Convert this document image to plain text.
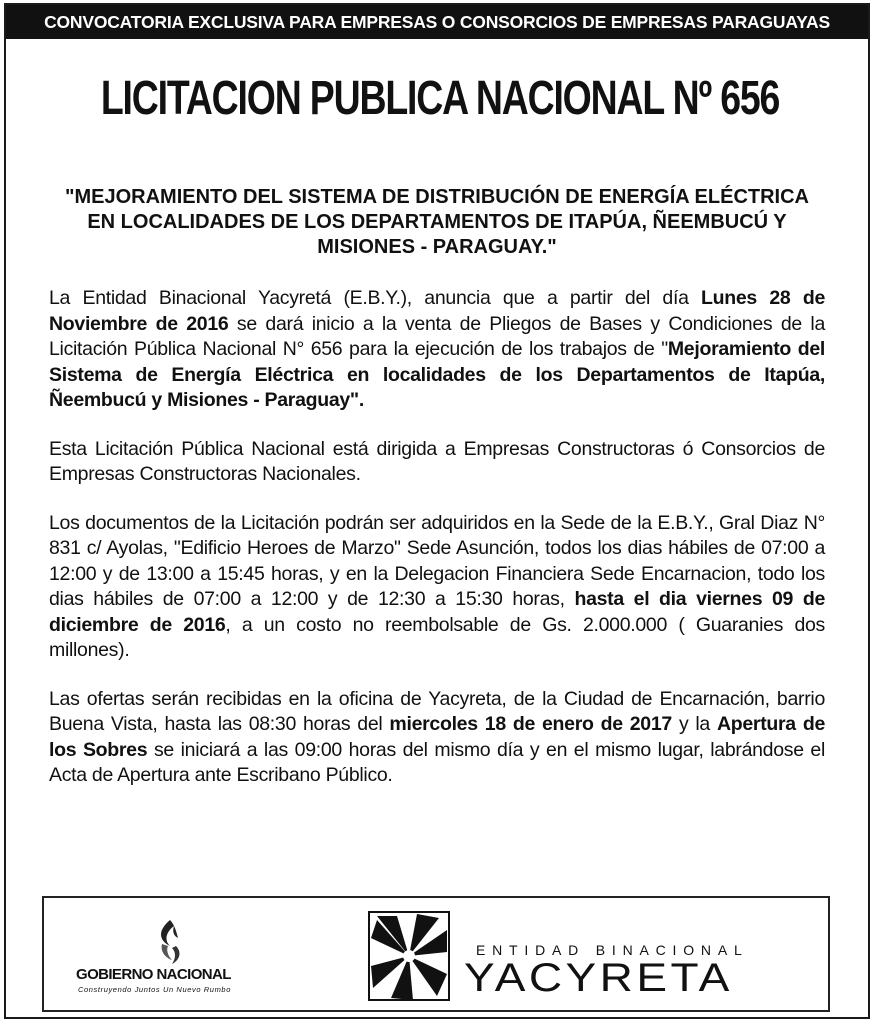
CONVOCATORIA EXCLUSIVA PARA EMPRESAS O CONSORCIOS DE EMPRESAS PARAGUAYAS
LICITACION PUBLICA NACIONAL Nº 656
"MEJORAMIENTO DEL SISTEMA DE DISTRIBUCIÓN DE ENERGÍA ELÉCTRICA EN LOCALIDADES DE LOS DEPARTAMENTOS DE ITAPÚA, ÑEEMBUCÚ Y MISIONES - PARAGUAY."

La Entidad Binacional Yacyretá (E.B.Y.), anuncia que a partir del día Lunes 28 de Noviembre de 2016 se dará inicio a la venta de Pliegos de Bases y Condiciones de la Licitación Pública Nacional N° 656 para la ejecución de los trabajos de "Mejoramiento del Sistema de Energía Eléctrica en localidades de los Departamentos de Itapúa, Ñeembucú y Misiones - Paraguay".

Esta Licitación Pública Nacional está dirigida a Empresas Constructoras ó Consorcios de Empresas Constructoras Nacionales.

Los documentos de la Licitación podrán ser adquiridos en la Sede de la E.B.Y., Gral Diaz N° 831 c/ Ayolas, "Edificio Heroes de Marzo" Sede Asunción, todos los dias hábiles de 07:00 a 12:00 y de 13:00 a 15:45 horas, y en la Delegacion Financiera Sede Encarnacion, todo los dias hábiles de 07:00 a 12:00 y de 12:30 a 15:30 horas, hasta el dia viernes 09 de diciembre de 2016, a un costo no reembolsable de Gs. 2.000.000 ( Guaranies dos millones).

Las ofertas serán recibidas en la oficina de Yacyreta, de la Ciudad de Encarnación, barrio Buena Vista, hasta las 08:30 horas del miercoles 18 de enero de 2017 y la Apertura de los Sobres se iniciará a las 09:00 horas del mismo día y en el mismo lugar, labrándose el Acta de Apertura ante Escribano Público.

GOBIERNO NACIONAL
Construyendo Juntos Un Nuevo Rumbo
ENTIDAD BINACIONAL
YACYRETA
